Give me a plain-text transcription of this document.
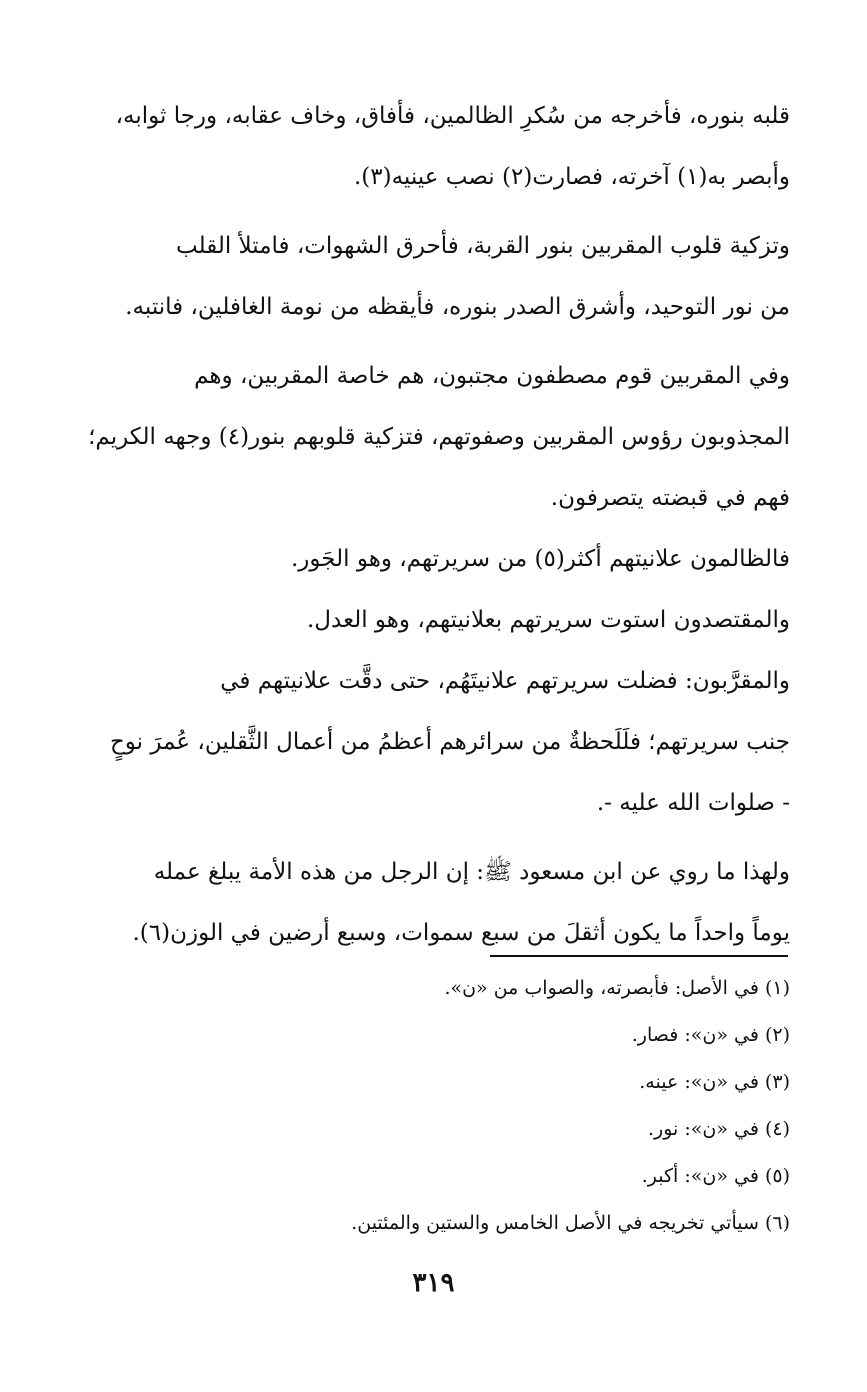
قلبه بنوره، فأخرجه من سُكرِ الظالمين، فأفاق، وخاف عقابه، ورجا ثوابه،
وأبصر به(١) آخرته، فصارت(٢) نصب عينيه(٣).

وتزكية قلوب المقربين بنور القربة، فأحرق الشهوات، فامتلأ القلب
من نور التوحيد، وأشرق الصدر بنوره، فأيقظه من نومة الغافلين، فانتبه.

وفي المقربين قوم مصطفون مجتبون، هم خاصة المقربين، وهم
المجذوبون رؤوس المقربين وصفوتهم، فتزكية قلوبهم بنور(٤) وجهه الكريم؛
فهم في قبضته يتصرفون.

فالظالمون علانيتهم أكثر(٥) من سريرتهم، وهو الجَور.

والمقتصدون استوت سريرتهم بعلانيتهم، وهو العدل.

والمقرَّبون: فضلت سريرتهم علانيتَهُم، حتى دقَّت علانيتهم في
جنب سريرتهم؛ فلَلَحظةٌ من سرائرهم أعظمُ من أعمال الثَّقلين، عُمرَ نوحٍ
- صلوات الله عليه -.

ولهذا ما روي عن ابن مسعود ﷺ: إن الرجل من هذه الأمة يبلغ عمله
يوماً واحداً ما يكون أثقلَ من سبع سموات، وسبع أرضين في الوزن(٦).

(١) في الأصل: فأبصرته، والصواب من «ن».
(٢) في «ن»: فصار.
(٣) في «ن»: عينه.
(٤) في «ن»: نور.
(٥) في «ن»: أكبر.
(٦) سيأتي تخريجه في الأصل الخامس والستين والمئتين.
٣١٩
